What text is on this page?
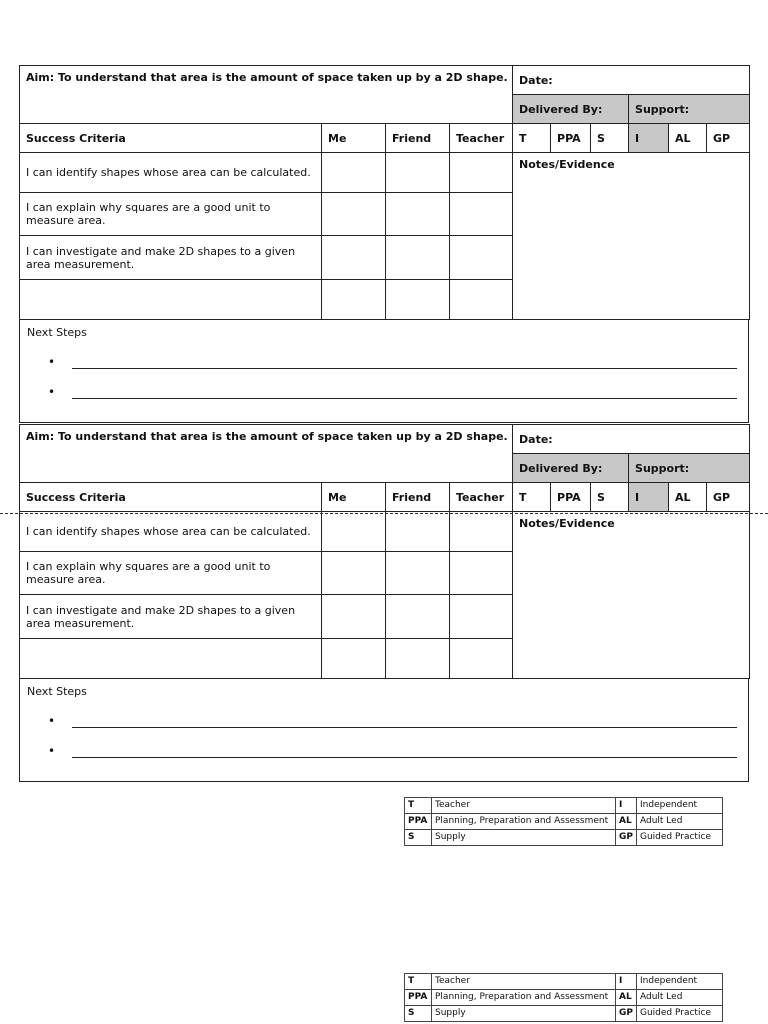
Aim: To understand that area is the amount of space taken up by a 2D shape.				Date:					
				Delivered By:			Support:		
Success Criteria	Me	Friend	Teacher	T	PPA	S	I	AL	GP
I can identify shapes whose area can be calculated.				Notes/Evidence					
I can explain why squares are a good unit to measure area.									
I can investigate and make 2D shapes to a given area measurement.									

Next Steps
•
•
Aim: To understand that area is the amount of space taken up by a 2D shape.				Date:					
				Delivered By:			Support:		
Success Criteria	Me	Friend	Teacher	T	PPA	S	I	AL	GP
I can identify shapes whose area can be calculated.				Notes/Evidence					
I can explain why squares are a good unit to measure area.									
I can investigate and make 2D shapes to a given area measurement.									

Next Steps
•
•
T	Teacher	I	Independent
PPA	Planning, Preparation and Assessment	AL	Adult Led
S	Supply	GP	Guided Practice
T	Teacher	I	Independent
PPA	Planning, Preparation and Assessment	AL	Adult Led
S	Supply	GP	Guided Practice
